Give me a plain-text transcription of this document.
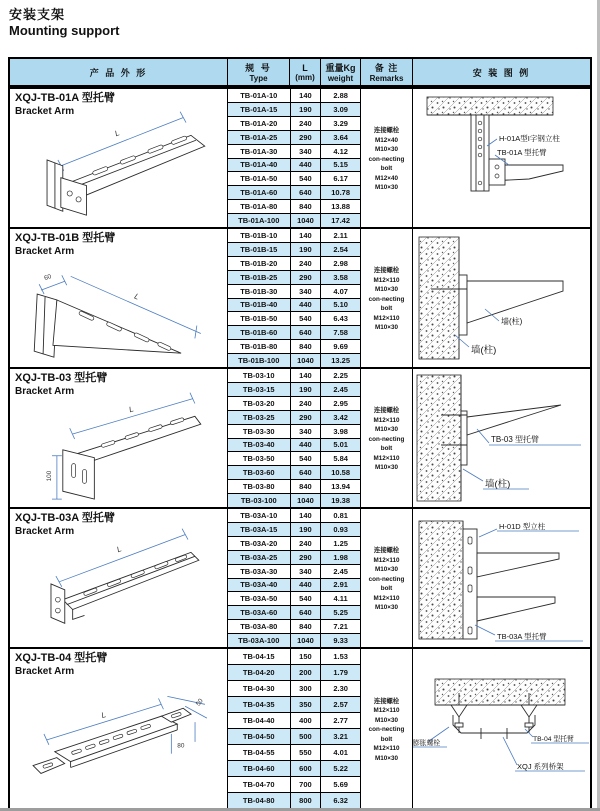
安装支架
Mounting support
产 品 外 形	规 号
Type
L
(mm)
重量Kg
weight
备 注
Remarks
安 装 图 例
L
XQJ-TB-01A 型托臂
Bracket Arm
TB-01A-10	140	2.88
TB-01A-15	190	3.09
TB-01A-20	240	3.29
TB-01A-25	290	3.64
TB-01A-30	340	4.12
TB-01A-40	440	5.15
TB-01A-50	540	6.17
TB-01A-60	640	10.78
TB-01A-80	840	13.88
TB-01A-100	1040	17.42
连接螺栓
M12×40
M10×30
con-necting
bolt
M12×40
M10×30
H-01A型I字钢立柱
TB-01A 型托臂
60
L
XQJ-TB-01B 型托臂
Bracket Arm
TB-01B-10	140	2.11
TB-01B-15	190	2.54
TB-01B-20	240	2.98
TB-01B-25	290	3.58
TB-01B-30	340	4.07
TB-01B-40	440	5.10
TB-01B-50	540	6.43
TB-01B-60	640	7.58
TB-01B-80	840	9.69
TB-01B-100	1040	13.25
连接螺栓
M12×110
M10×30
con-necting
bolt
M12×110
M10×30
墙(柱)
墙(柱)
L
100
XQJ-TB-03 型托臂
Bracket Arm
TB-03-10	140	2.25
TB-03-15	190	2.45
TB-03-20	240	2.95
TB-03-25	290	3.42
TB-03-30	340	3.98
TB-03-40	440	5.01
TB-03-50	540	5.84
TB-03-60	640	10.58
TB-03-80	840	13.94
TB-03-100	1040	19.38
连接螺栓
M12×110
M10×30
con-necting
bolt
M12×110
M10×30
TB-03 型托臂
墙(柱)
L
XQJ-TB-03A 型托臂
Bracket Arm
TB-03A-10	140	0.81
TB-03A-15	190	0.93
TB-03A-20	240	1.25
TB-03A-25	290	1.98
TB-03A-30	340	2.45
TB-03A-40	440	2.91
TB-03A-50	540	4.11
TB-03A-60	640	5.25
TB-03A-80	840	7.21
TB-03A-100	1040	9.33
连接螺栓
M12×110
M10×30
con-necting
bolt
M12×110
M10×30
H-01D 型立柱
TB-03A 型托臂
L
50
80
XQJ-TB-04 型托臂
Bracket Arm
TB-04-15	150	1.53
TB-04-20	200	1.79
TB-04-30	300	2.30
TB-04-35	350	2.57
TB-04-40	400	2.77
TB-04-50	500	3.21
TB-04-55	550	4.01
TB-04-60	600	5.22
TB-04-70	700	5.69
TB-04-80	800	6.32
连接螺栓
M12×110
M10×30
con-necting
bolt
M12×110
M10×30
膨胀螺栓
TB-04 型托臂
XQJ 系列桥架
